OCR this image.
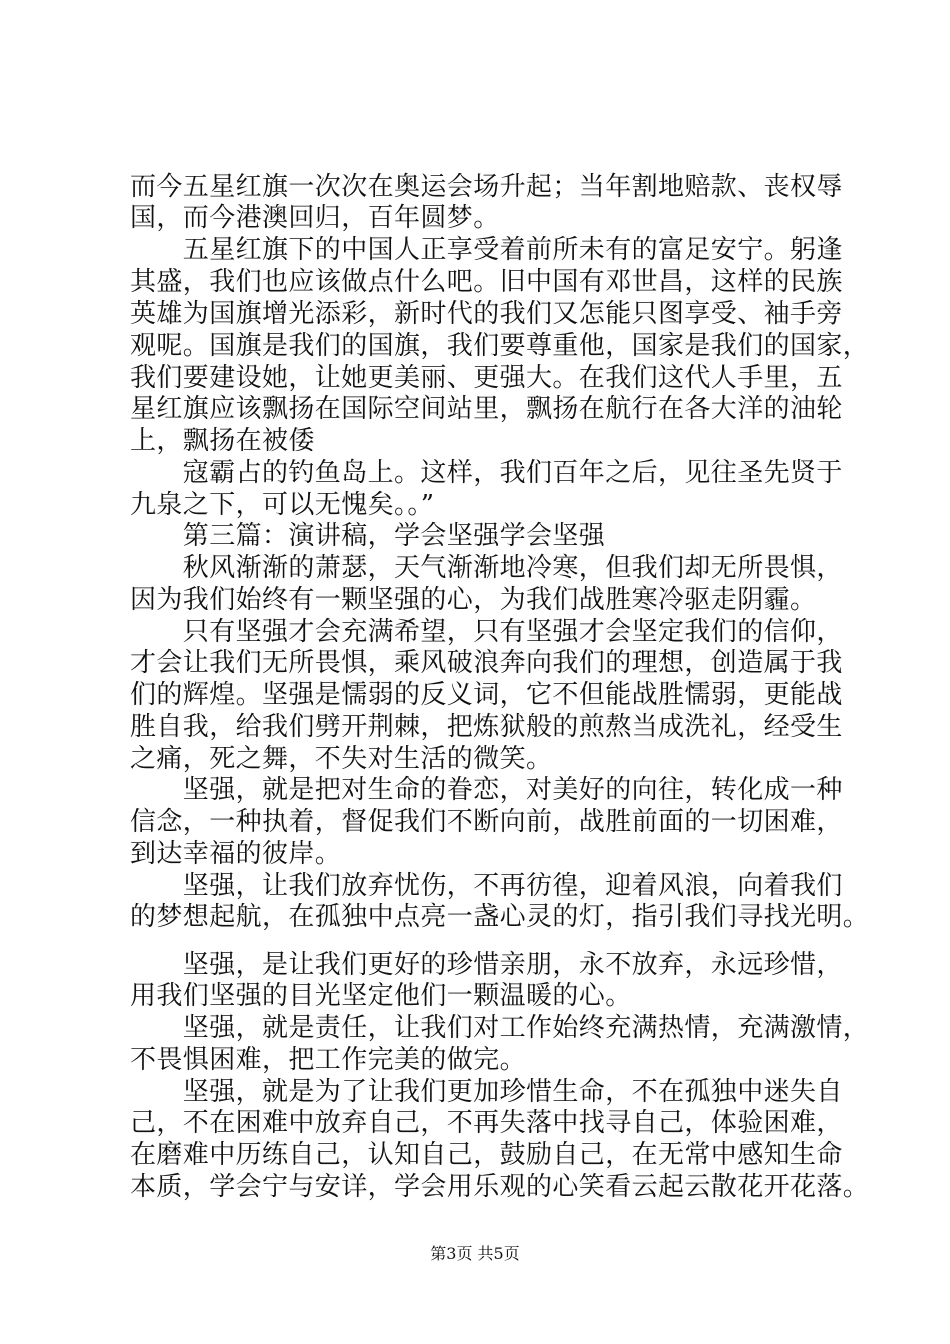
而今五星红旗一次次在奥运会场升起；当年割地赔款、丧权辱
国，而今港澳回归，百年圆梦。
　　五星红旗下的中国人正享受着前所未有的富足安宁。躬逢
其盛，我们也应该做点什么吧。旧中国有邓世昌，这样的民族
英雄为国旗增光添彩，新时代的我们又怎能只图享受、袖手旁
观呢。国旗是我们的国旗，我们要尊重他，国家是我们的国家，
我们要建设她，让她更美丽、更强大。在我们这代人手里，五
星红旗应该飘扬在国际空间站里，飘扬在航行在各大洋的油轮
上，飘扬在被倭
　　寇霸占的钓鱼岛上。这样，我们百年之后，见往圣先贤于
九泉之下，可以无愧矣。。”
　　第三篇：演讲稿，学会坚强学会坚强
　　秋风渐渐的萧瑟，天气渐渐地冷寒，但我们却无所畏惧，
因为我们始终有一颗坚强的心，为我们战胜寒冷驱走阴霾。
　　只有坚强才会充满希望，只有坚强才会坚定我们的信仰，
才会让我们无所畏惧，乘风破浪奔向我们的理想，创造属于我
们的辉煌。坚强是懦弱的反义词，它不但能战胜懦弱，更能战
胜自我，给我们劈开荆棘，把炼狱般的煎熬当成洗礼，经受生
之痛，死之舞，不失对生活的微笑。
　　坚强，就是把对生命的眷恋，对美好的向往，转化成一种
信念，一种执着，督促我们不断向前，战胜前面的一切困难，
到达幸福的彼岸。
　　坚强，让我们放弃忧伤，不再彷徨，迎着风浪，向着我们
的梦想起航，在孤独中点亮一盏心灵的灯，指引我们寻找光明。
　　坚强，是让我们更好的珍惜亲朋，永不放弃，永远珍惜，
用我们坚强的目光坚定他们一颗温暖的心。
　　坚强，就是责任，让我们对工作始终充满热情，充满激情，
不畏惧困难，把工作完美的做完。
　　坚强，就是为了让我们更加珍惜生命，不在孤独中迷失自
己，不在困难中放弃自己，不再失落中找寻自己，体验困难，
在磨难中历练自己，认知自己，鼓励自己，在无常中感知生命
本质，学会宁与安详，学会用乐观的心笑看云起云散花开花落。
第3页 共5页
